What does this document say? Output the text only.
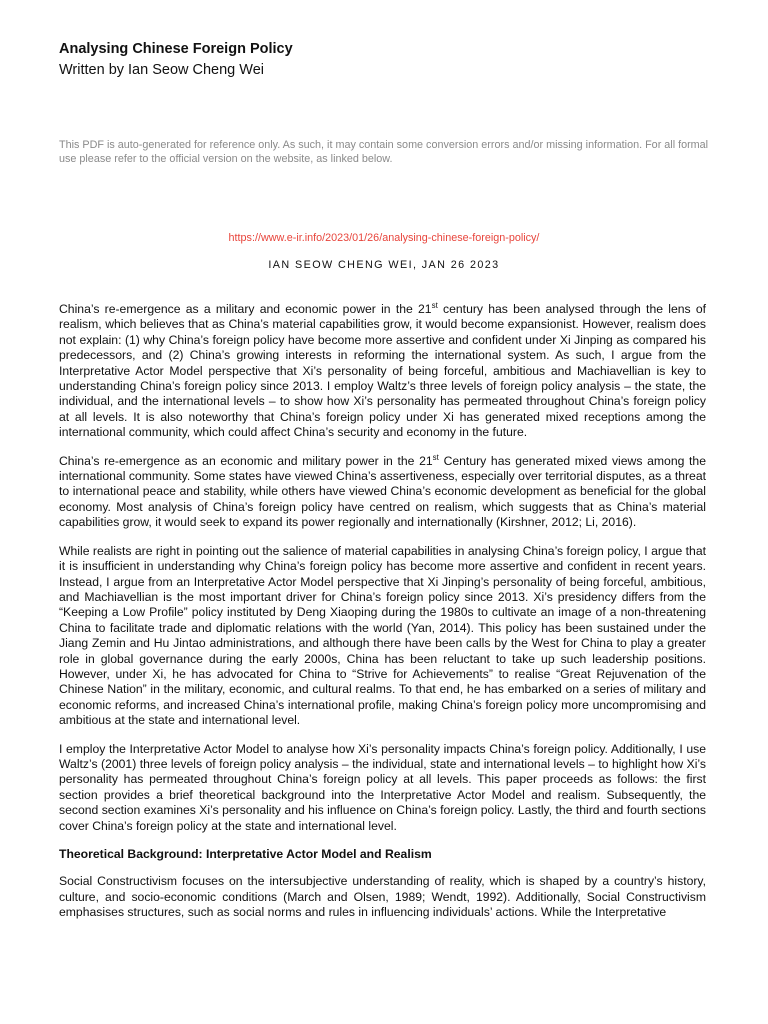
Analysing Chinese Foreign Policy

Written by Ian Seow Cheng Wei

This PDF is auto-generated for reference only. As such, it may contain some conversion errors and/or missing information. For all formal use please refer to the official version on the website, as linked below.

https://www.e-ir.info/2023/01/26/analysing-chinese-foreign-policy/

IAN SEOW CHENG WEI, JAN 26 2023

China’s re-emergence as a military and economic power in the 21st century has been analysed through the lens of realism, which believes that as China’s material capabilities grow, it would become expansionist. However, realism does not explain: (1) why China’s foreign policy have become more assertive and confident under Xi Jinping as compared his predecessors, and (2) China’s growing interests in reforming the international system. As such, I argue from the Interpretative Actor Model perspective that Xi’s personality of being forceful, ambitious and Machiavellian is key to understanding China’s foreign policy since 2013. I employ Waltz’s three levels of foreign policy analysis – the state, the individual, and the international levels – to show how Xi’s personality has permeated throughout China’s foreign policy at all levels. It is also noteworthy that China’s foreign policy under Xi has generated mixed receptions among the international community, which could affect China’s security and economy in the future.

China’s re-emergence as an economic and military power in the 21st Century has generated mixed views among the international community. Some states have viewed China’s assertiveness, especially over territorial disputes, as a threat to international peace and stability, while others have viewed China’s economic development as beneficial for the global economy. Most analysis of China’s foreign policy have centred on realism, which suggests that as China’s material capabilities grow, it would seek to expand its power regionally and internationally (Kirshner, 2012; Li, 2016).

While realists are right in pointing out the salience of material capabilities in analysing China’s foreign policy, I argue that it is insufficient in understanding why China’s foreign policy has become more assertive and confident in recent years. Instead, I argue from an Interpretative Actor Model perspective that Xi Jinping’s personality of being forceful, ambitious, and Machiavellian is the most important driver for China’s foreign policy since 2013. Xi’s presidency differs from the “Keeping a Low Profile” policy instituted by Deng Xiaoping during the 1980s to cultivate an image of a non-threatening China to facilitate trade and diplomatic relations with the world (Yan, 2014). This policy has been sustained under the Jiang Zemin and Hu Jintao administrations, and although there have been calls by the West for China to play a greater role in global governance during the early 2000s, China has been reluctant to take up such leadership positions. However, under Xi, he has advocated for China to “Strive for Achievements” to realise “Great Rejuvenation of the Chinese Nation” in the military, economic, and cultural realms. To that end, he has embarked on a series of military and economic reforms, and increased China’s international profile, making China’s foreign policy more uncompromising and ambitious at the state and international level.

I employ the Interpretative Actor Model to analyse how Xi’s personality impacts China’s foreign policy. Additionally, I use Waltz’s (2001) three levels of foreign policy analysis – the individual, state and international levels – to highlight how Xi’s personality has permeated throughout China’s foreign policy at all levels. This paper proceeds as follows: the first section provides a brief theoretical background into the Interpretative Actor Model and realism. Subsequently, the second section examines Xi’s personality and his influence on China’s foreign policy. Lastly, the third and fourth sections cover China’s foreign policy at the state and international level.

Theoretical Background: Interpretative Actor Model and Realism

Social Constructivism focuses on the intersubjective understanding of reality, which is shaped by a country’s history, culture, and socio-economic conditions (March and Olsen, 1989; Wendt, 1992). Additionally, Social Constructivism emphasises structures, such as social norms and rules in influencing individuals’ actions. While the Interpretative
